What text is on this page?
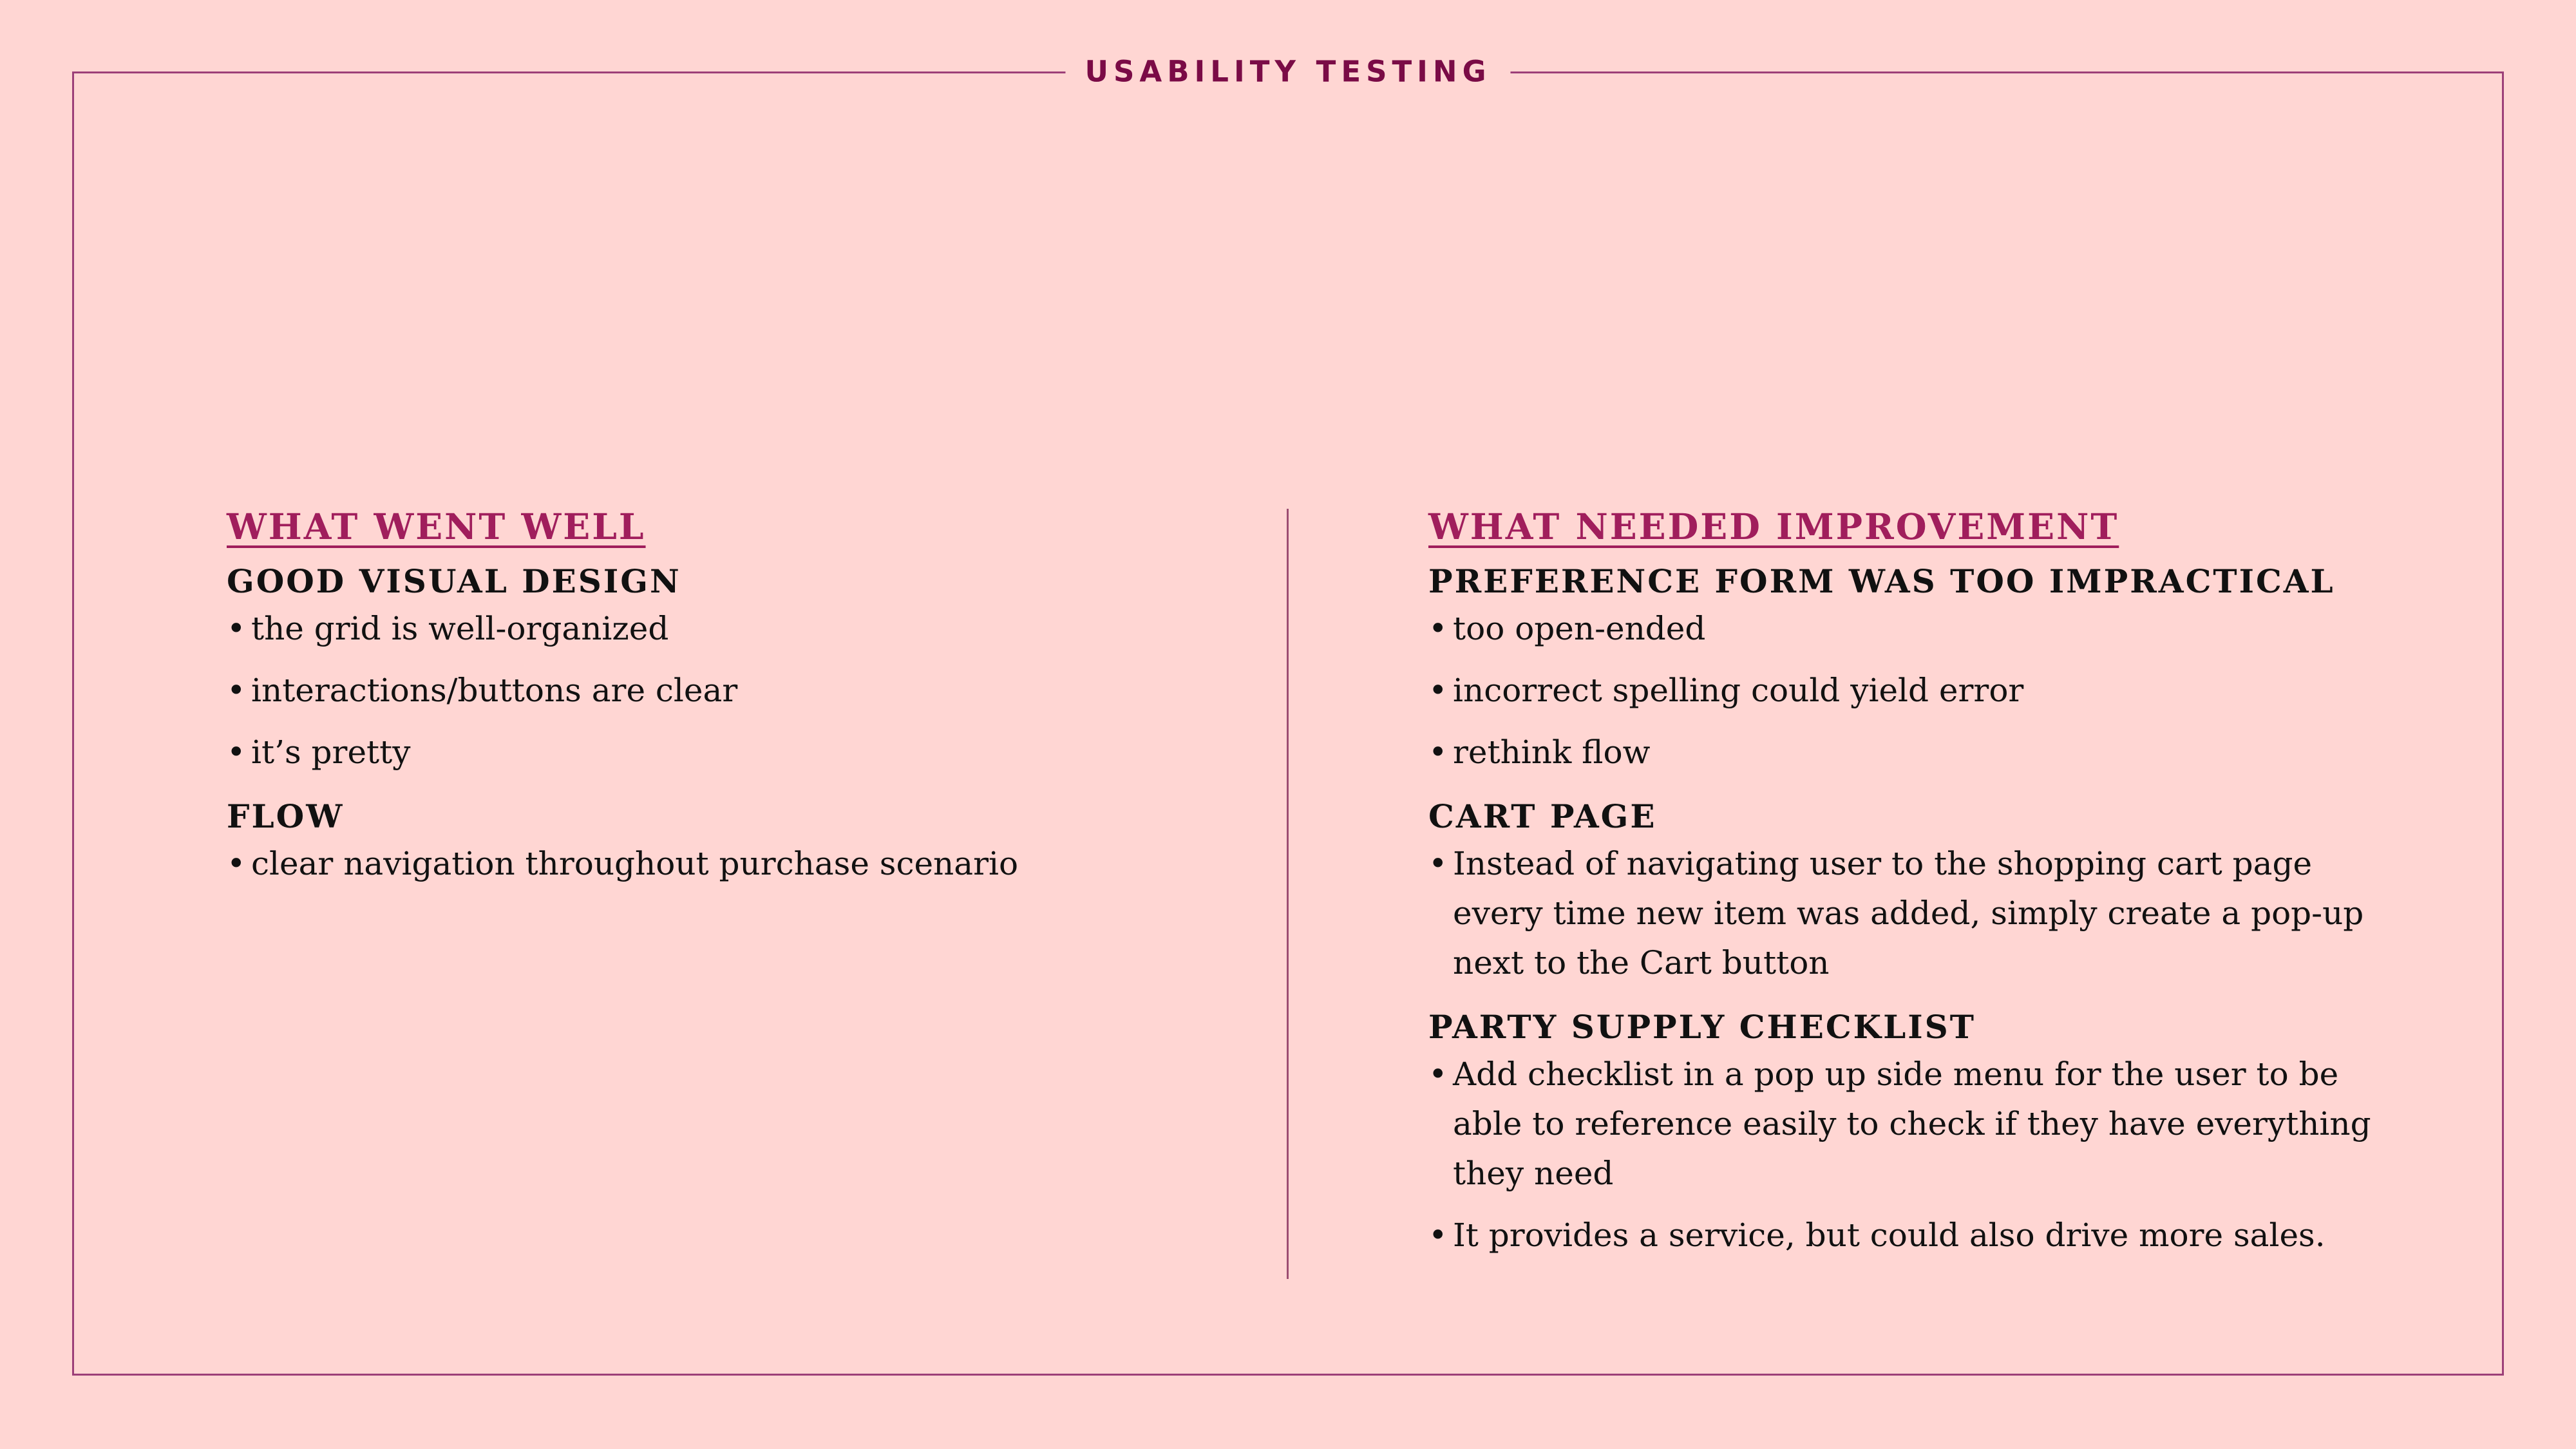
USABILITY TESTING
WHAT WENT WELL
GOOD VISUAL DESIGN
• the grid is well-organized
• interactions/buttons are clear
• it’s pretty
FLOW
• clear navigation throughout purchase scenario
WHAT NEEDED IMPROVEMENT
PREFERENCE FORM WAS TOO IMPRACTICAL
• too open-ended
• incorrect spelling could yield error
• rethink flow
CART PAGE
• Instead of navigating user to the shopping cart page every time new item was added, simply create a pop-up next to the Cart button
PARTY SUPPLY CHECKLIST
• Add checklist in a pop up side menu for the user to be able to reference easily to check if they have everything they need
• It provides a service, but could also drive more sales.
